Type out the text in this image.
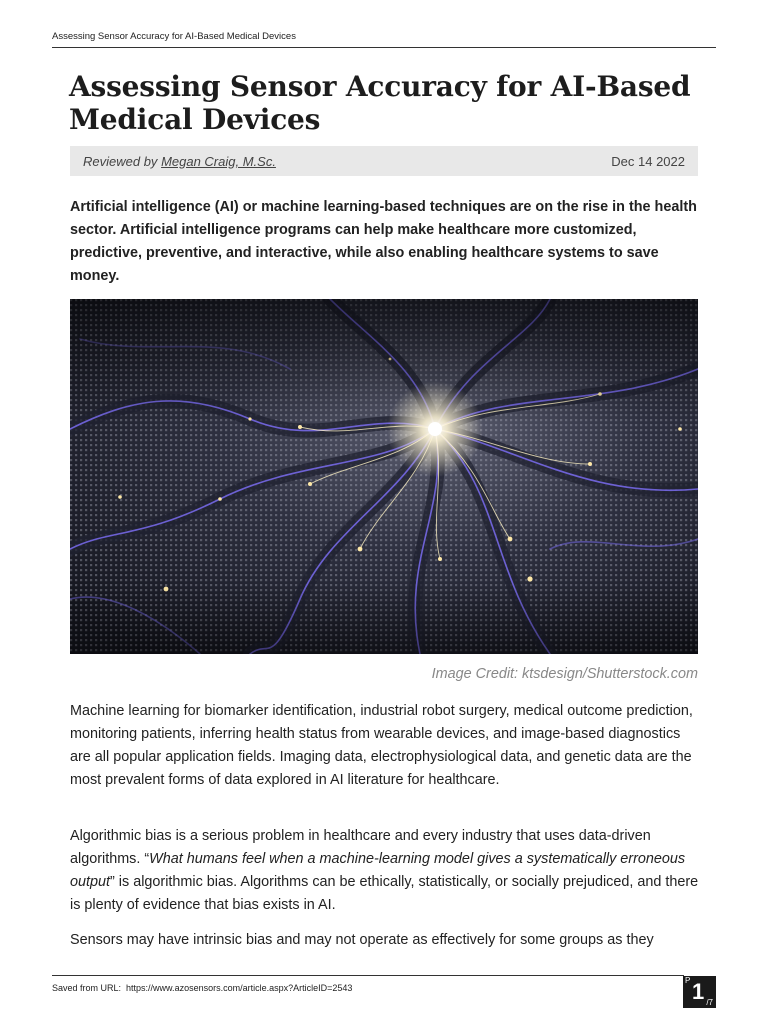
Assessing Sensor Accuracy for AI-Based Medical Devices
Assessing Sensor Accuracy for AI-Based Medical Devices
Reviewed by Megan Craig, M.Sc.	Dec 14 2022

Artificial intelligence (AI) or machine learning-based techniques are on the rise in the health sector. Artificial intelligence programs can help make healthcare more customized, predictive, preventive, and interactive, while also enabling healthcare systems to save money.

Image Credit: ktsdesign/Shutterstock.com

Machine learning for biomarker identification, industrial robot surgery, medical outcome prediction, monitoring patients, inferring health status from wearable devices, and image-based diagnostics are all popular application fields. Imaging data, electrophysiological data, and genetic data are the most prevalent forms of data explored in AI literature for healthcare.

Algorithmic bias is a serious problem in healthcare and every industry that uses data-driven algorithms. “What humans feel when a machine-learning model gives a systematically erroneous output” is algorithmic bias. Algorithms can be ethically, statistically, or socially prejudiced, and there is plenty of evidence that bias exists in AI.

Sensors may have intrinsic bias and may not operate as effectively for some groups as they

Saved from URL: https://www.azosensors.com/article.aspx?ArticleID=2543
P 1 /7
